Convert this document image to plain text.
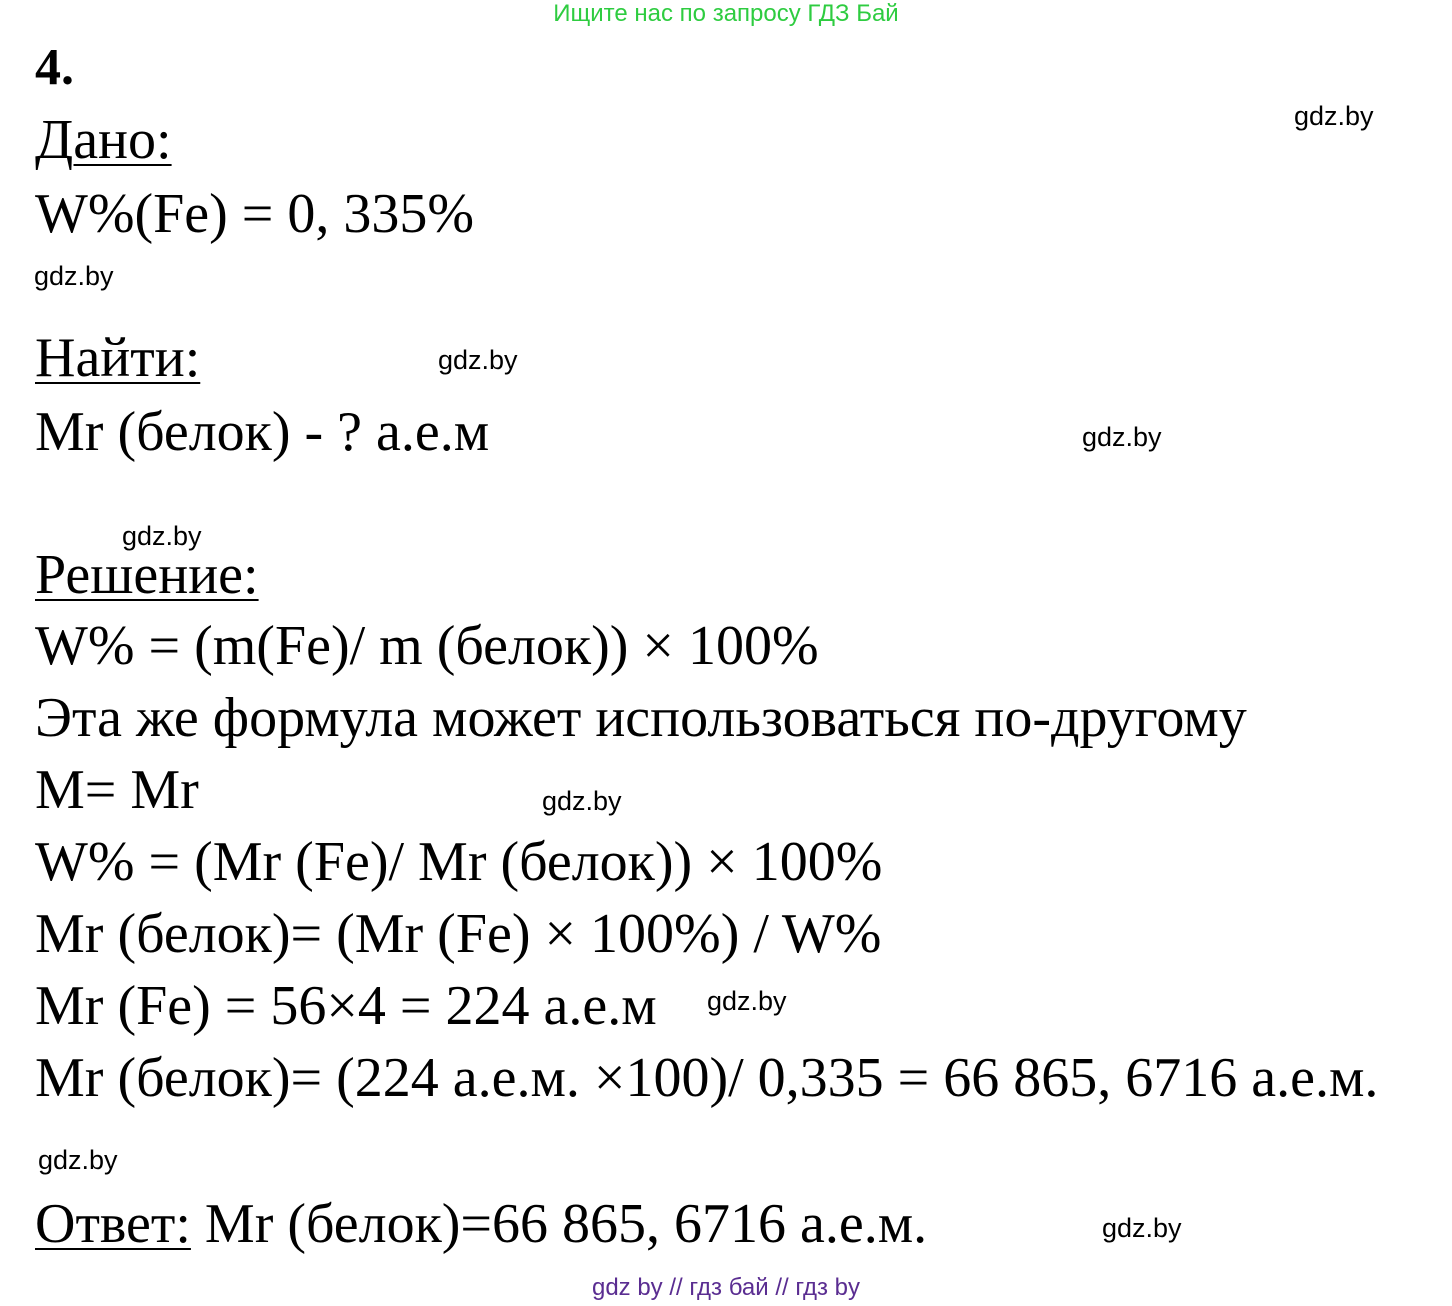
Ищите нас по запросу ГДЗ Бай
4.
Дано:
W%(Fe) = 0, 335%
Найти:
Mr (белок) - ? а.е.м
Решение:
W% = (m(Fe)/ m (белок)) × 100%
Эта же формула может использоваться по-другому
M= Mr
W% = (Mr (Fe)/ Mr (белок)) × 100%
Mr (белок)= (Mr (Fe) × 100%) / W%
Mr (Fe) = 56×4 = 224 а.е.м
Mr (белок)= (224 а.е.м. ×100)/ 0,335 = 66 865, 6716 а.е.м.
Ответ: Mr (белок)=66 865, 6716 а.е.м.
gdz.by
gdz.by
gdz.by
gdz.by
gdz.by
gdz.by
gdz.by
gdz.by
gdz.by
gdz by // гдз бай // гдз by
